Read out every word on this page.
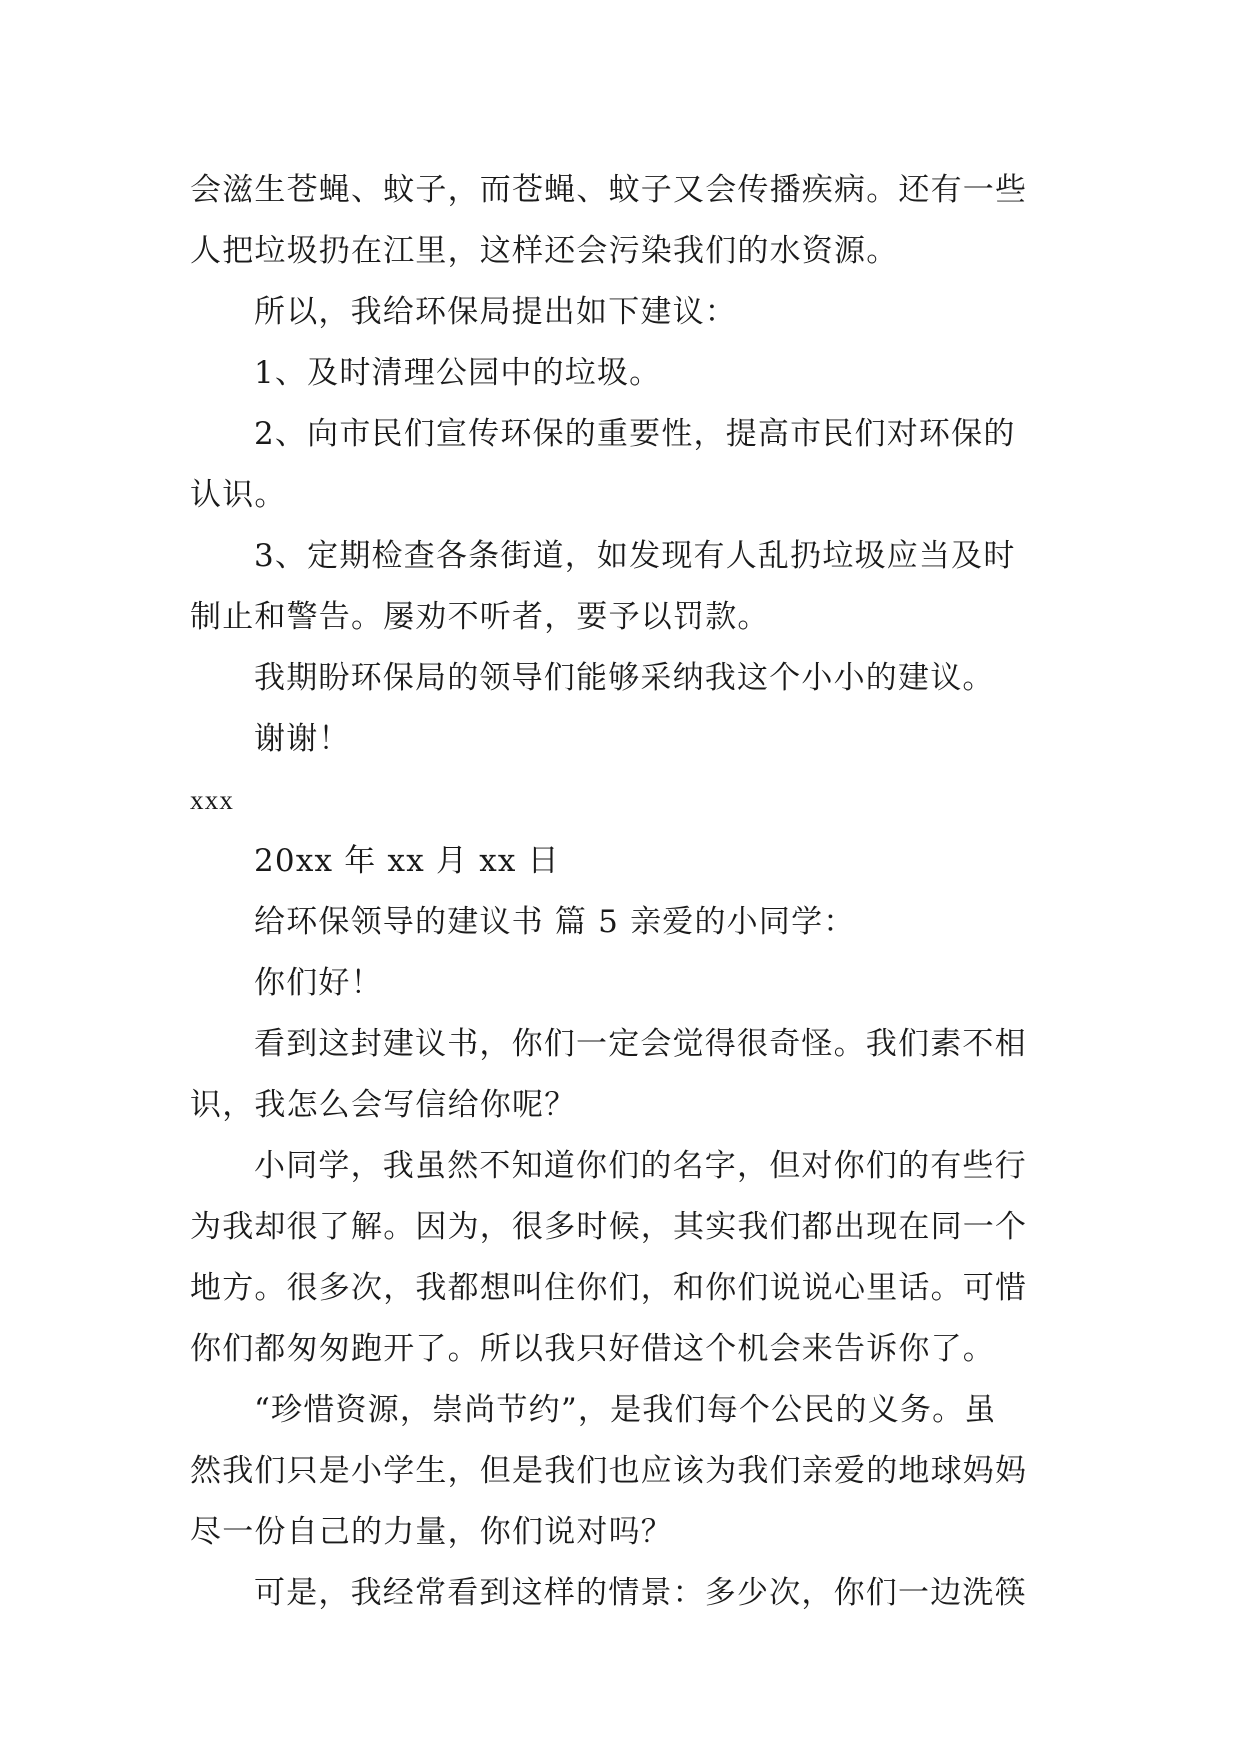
会滋生苍蝇、蚊子，而苍蝇、蚊子又会传播疾病。还有一些
人把垃圾扔在江里，这样还会污染我们的水资源。
所以，我给环保局提出如下建议：
1、及时清理公园中的垃圾。
2、向市民们宣传环保的重要性，提高市民们对环保的
认识。
3、定期检查各条街道，如发现有人乱扔垃圾应当及时
制止和警告。屡劝不听者，要予以罚款。
我期盼环保局的领导们能够采纳我这个小小的建议。
谢谢！
xxx
20xx 年 xx 月 xx 日
给环保领导的建议书 篇 5 亲爱的小同学：
你们好！
看到这封建议书，你们一定会觉得很奇怪。我们素不相
识，我怎么会写信给你呢？
小同学，我虽然不知道你们的名字，但对你们的有些行
为我却很了解。因为，很多时候，其实我们都出现在同一个
地方。很多次，我都想叫住你们，和你们说说心里话。可惜
你们都匆匆跑开了。所以我只好借这个机会来告诉你了。
“珍惜资源，崇尚节约”，是我们每个公民的义务。虽
然我们只是小学生，但是我们也应该为我们亲爱的地球妈妈
尽一份自己的力量，你们说对吗？
可是，我经常看到这样的情景：多少次，你们一边洗筷
